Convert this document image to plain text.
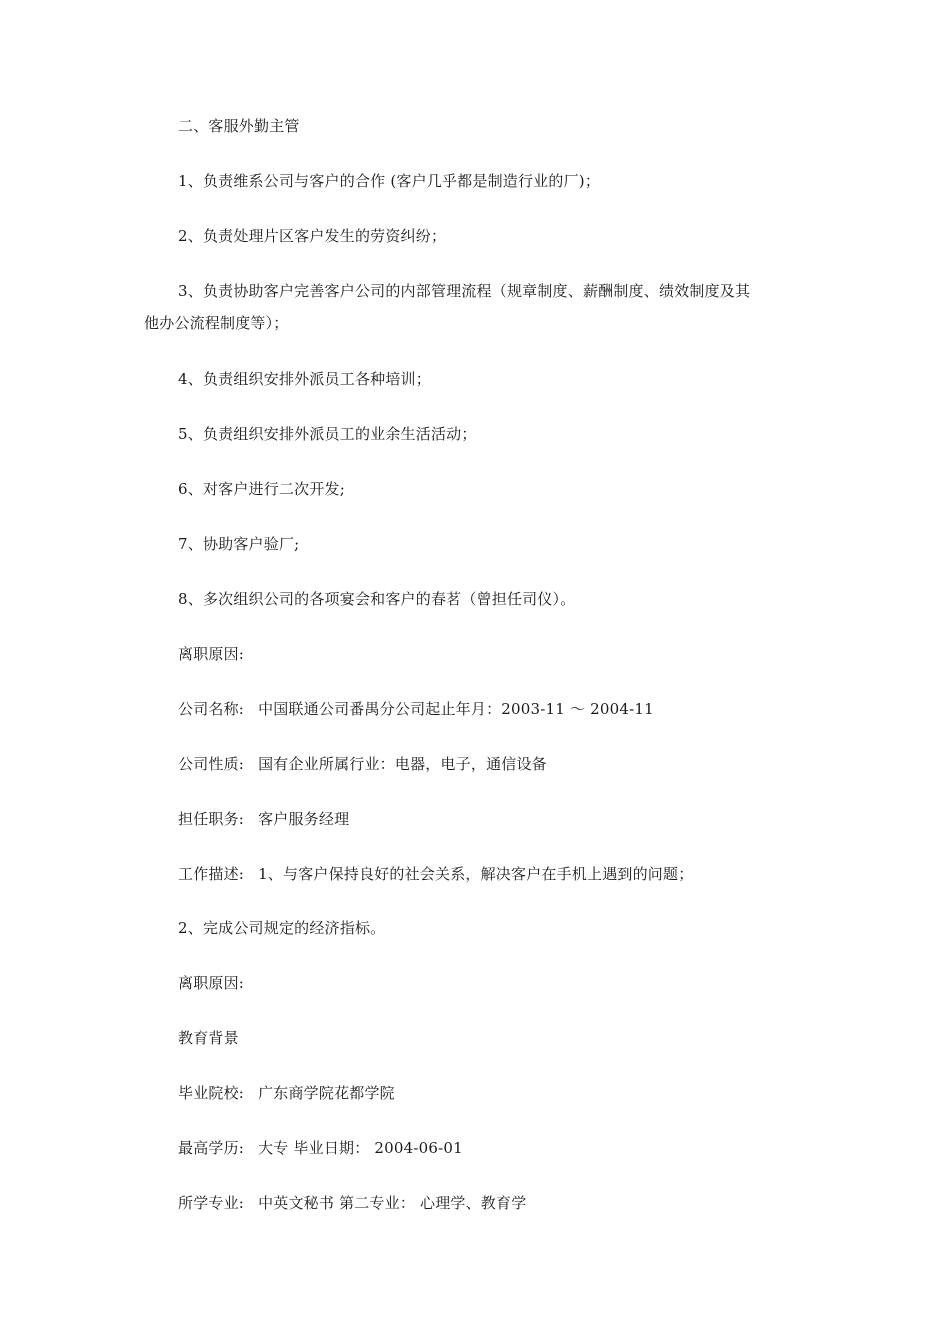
二、客服外勤主管
1、负责维系公司与客户的合作 (客户几乎都是制造行业的厂)；
2、负责处理片区客户发生的劳资纠纷；
3、负责协助客户完善客户公司的内部管理流程（规章制度、薪酬制度、绩效制度及其
他办公流程制度等）；
4、负责组织安排外派员工各种培训；
5、负责组织安排外派员工的业余生活活动；
6、对客户进行二次开发;
7、协助客户验厂;
8、多次组织公司的各项宴会和客户的春茗（曾担任司仪）。
离职原因:
公司名称: 中国联通公司番禺分公司起止年月：2003-11 ～ 2004-11
公司性质: 国有企业所属行业：电器，电子，通信设备
担任职务: 客户服务经理
工作描述: 1、与客户保持良好的社会关系，解决客户在手机上遇到的问题；
2、完成公司规定的经济指标。
离职原因:
教育背景
毕业院校: 广东商学院花都学院
最高学历: 大专 毕业日期： 2004-06-01
所学专业: 中英文秘书 第二专业： 心理学、教育学
